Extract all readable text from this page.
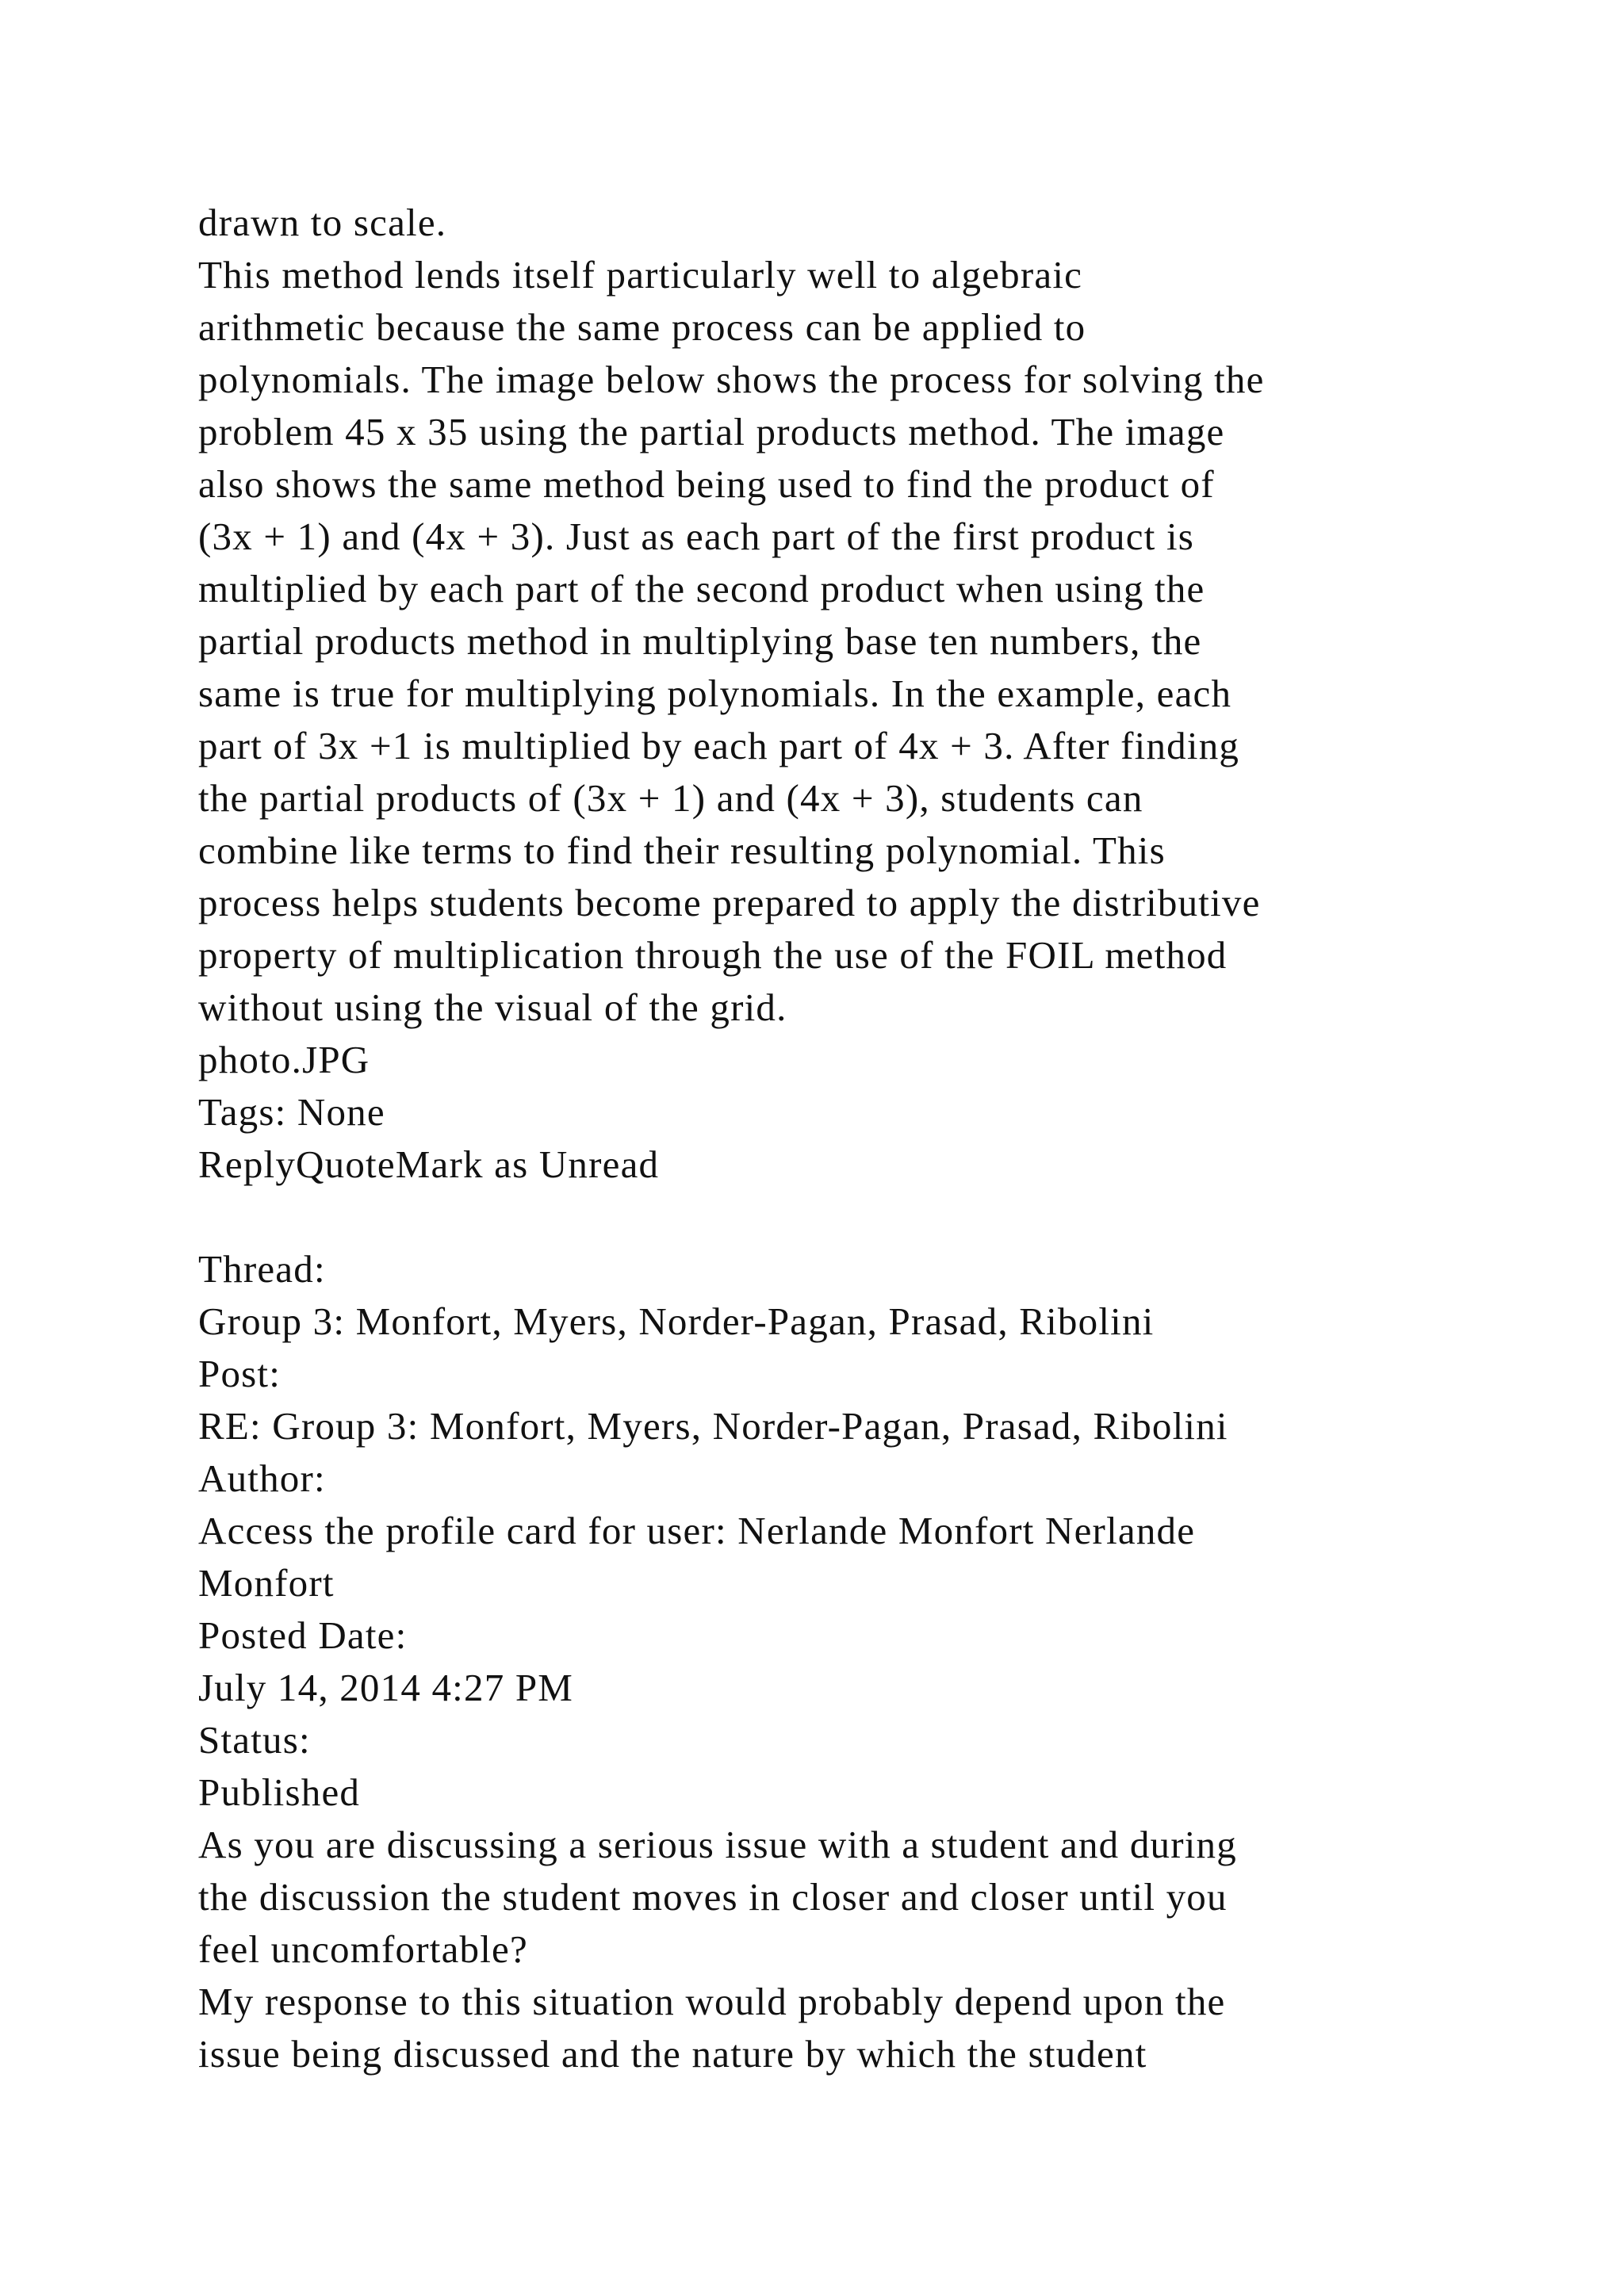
drawn to scale.
This method lends itself particularly well to algebraic
arithmetic because the same process can be applied to
polynomials. The image below shows the process for solving the
problem 45 x 35 using the partial products method. The image
also shows the same method being used to find the product of
(3x + 1) and (4x + 3). Just as each part of the first product is
multiplied by each part of the second product when using the
partial products method in multiplying base ten numbers, the
same is true for multiplying polynomials. In the example, each
part of 3x +1 is multiplied by each part of 4x + 3. After finding
the partial products of (3x + 1) and (4x + 3), students can
combine like terms to find their resulting polynomial. This
process helps students become prepared to apply the distributive
property of multiplication through the use of the FOIL method
without using the visual of the grid.
photo.JPG
Tags: None
ReplyQuoteMark as Unread
Thread:
Group 3: Monfort, Myers, Norder-Pagan, Prasad, Ribolini
Post:
RE: Group 3: Monfort, Myers, Norder-Pagan, Prasad, Ribolini
Author:
Access the profile card for user: Nerlande Monfort Nerlande
Monfort
Posted Date:
July 14, 2014 4:27 PM
Status:
Published
As you are discussing a serious issue with a student and during
the discussion the student moves in closer and closer until you
feel uncomfortable?
My response to this situation would probably depend upon the
issue being discussed and the nature by which the student
